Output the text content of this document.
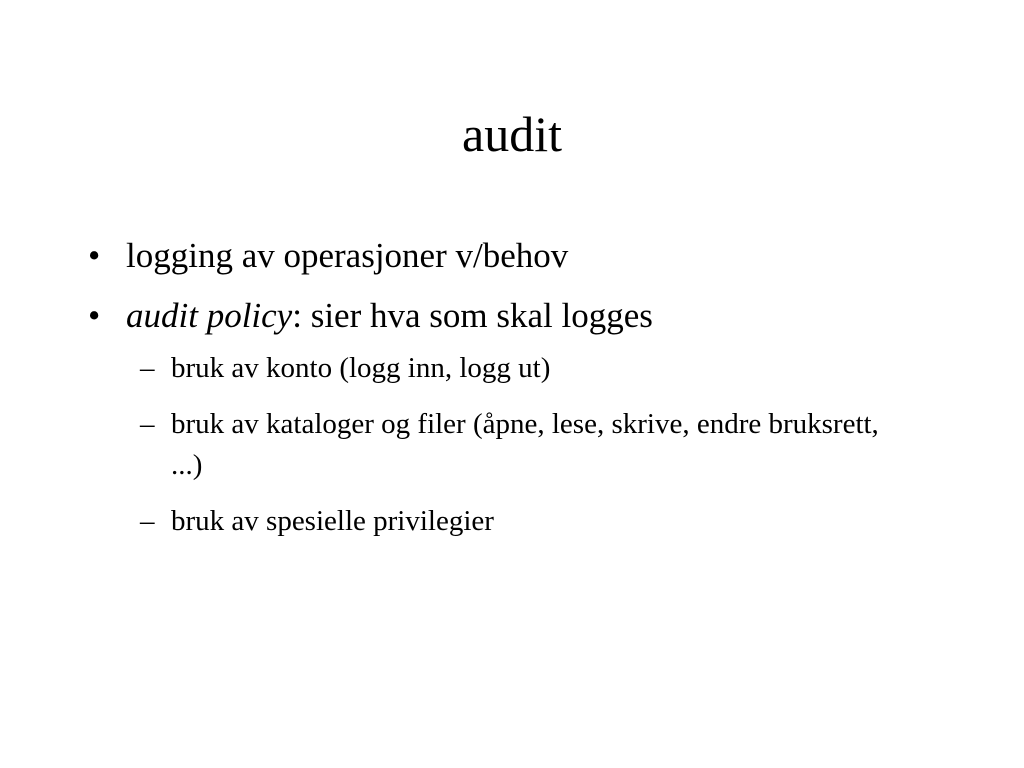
audit
• logging av operasjoner v/behov
• audit policy: sier hva som skal logges
– bruk av konto (logg inn, logg ut)
– bruk av kataloger og filer (åpne, lese, skrive, endre bruksrett, ...)
– bruk av spesielle privilegier
